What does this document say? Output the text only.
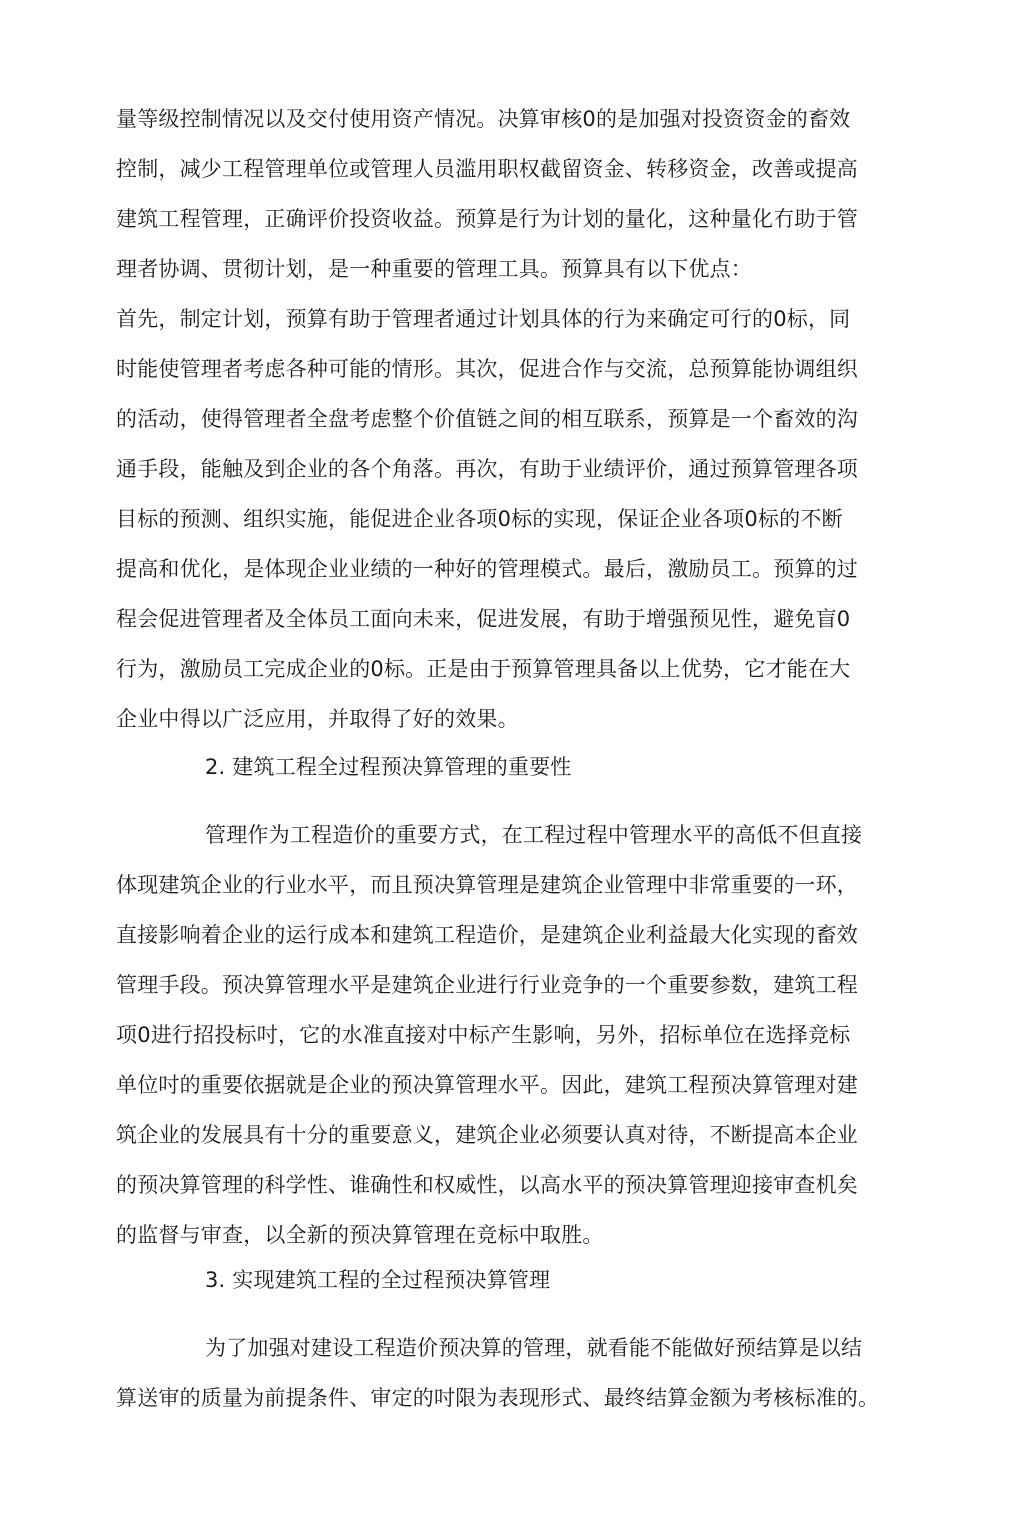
量等级控制情况以及交付使用资产情况。决算审核0的是加强对投资资金的畜效
控制，减少工程管理单位或管理人员滥用职权截留资金、转移资金，改善或提高
建筑工程管理，正确评价投资收益。预算是行为计划的量化，这种量化冇助于管
理者协调、贯彻计划，是一种重要的管理工具。预算具有以下优点：
首先，制定计划，预算有助于管理者通过计划具体的行为来确定可行的0标，同
时能使管理者考虑各种可能的情形。其次，促进合作与交流，总预算能协调组织
的活动，使得管理者全盘考虑整个价值链之间的相互联系，预算是一个畜效的沟
通手段，能触及到企业的各个角落。再次，有助于业绩评价，通过预算管理各项
目标的预测、组织实施，能促进企业各项0标的实现，保证企业各项0标的不断
提高和优化，是体现企业业绩的一种好的管理模式。最后，激励员工。预算的过
程会促进管理者及全体员工面向未来，促进发展，有助于增强预见性，避免盲0
行为，激励员工完成企业的0标。正是由于预算管理具备以上优势，它才能在大
企业中得以广泛应用，并取得了好的效果。
2. 建筑工程全过程预决算管理的重要性
管理作为工程造价的重要方式，在工程过程中管理水平的高低不但直接
体现建筑企业的行业水平，而且预决算管理是建筑企业管理中非常重要的一环，
直接影响着企业的运行成本和建筑工程造价，是建筑企业利益最大化实现的畜效
管理手段。预决算管理水平是建筑企业进行行业竞争的一个重要参数，建筑工程
项0进行招投标吋，它的水准直接对中标产生影响，另外，招标单位在选择竞标
单位吋的重要依据就是企业的预决算管理水平。因此，建筑工程预决算管理对建
筑企业的发展具有十分的重要意义，建筑企业必须要认真对待，不断提高本企业
的预决算管理的科学性、谁确性和权威性，以高水平的预决算管理迎接审查机矣
的监督与审查，以全新的预决算管理在竞标中取胜。
3. 实现建筑工程的全过程预决算管理
为了加强对建设工程造价预决算的管理，就看能不能做好预结算是以结
算送审的质量为前提条件、审定的吋限为表现形式、最终结算金额为考核标准的。
